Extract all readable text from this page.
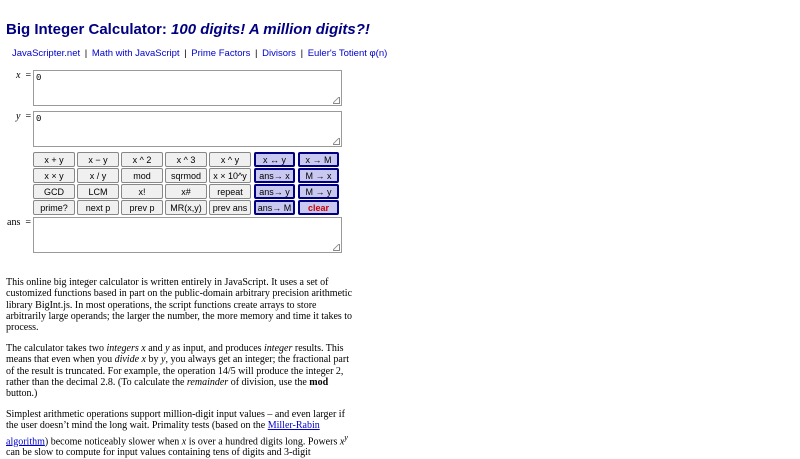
Big Integer Calculator: 100 digits! A million digits?!
JavaScripter.net | Math with JavaScript | Prime Factors | Divisors | Euler's Totient φ(n)
x = 0
y = 0
x + y	x − y	x ^ 2	x ^ 3	x ^ y	x ↔ y	x → M
x × y	x / y	mod	sqrmod	x × 10^y	ans→ x	M → x
GCD	LCM	x!	x#	repeat	ans→ y	M → y
prime?	next p	prev p	MR(x,y)	prev ans	ans→ M	clear
ans =

This online big integer calculator is written entirely in JavaScript. It uses a set of customized functions based in part on the public-domain arbitrary precision arithmetic library BigInt.js. In most operations, the script functions create arrays to store arbitrarily large operands; the larger the number, the more memory and time it takes to process.

The calculator takes two integers x and y as input, and produces integer results. This means that even when you divide x by y, you always get an integer; the fractional part of the result is truncated. For example, the operation 14/5 will produce the integer 2, rather than the decimal 2.8. (To calculate the remainder of division, use the mod button.)

Simplest arithmetic operations support million-digit input values – and even larger if the user doesn’t mind the long wait. Primality tests (based on the Miller-Rabin algorithm) become noticeably slower when x is over a hundred digits long. Powers $x^y$ can be slow to compute for input values containing tens of digits and 3-digit
